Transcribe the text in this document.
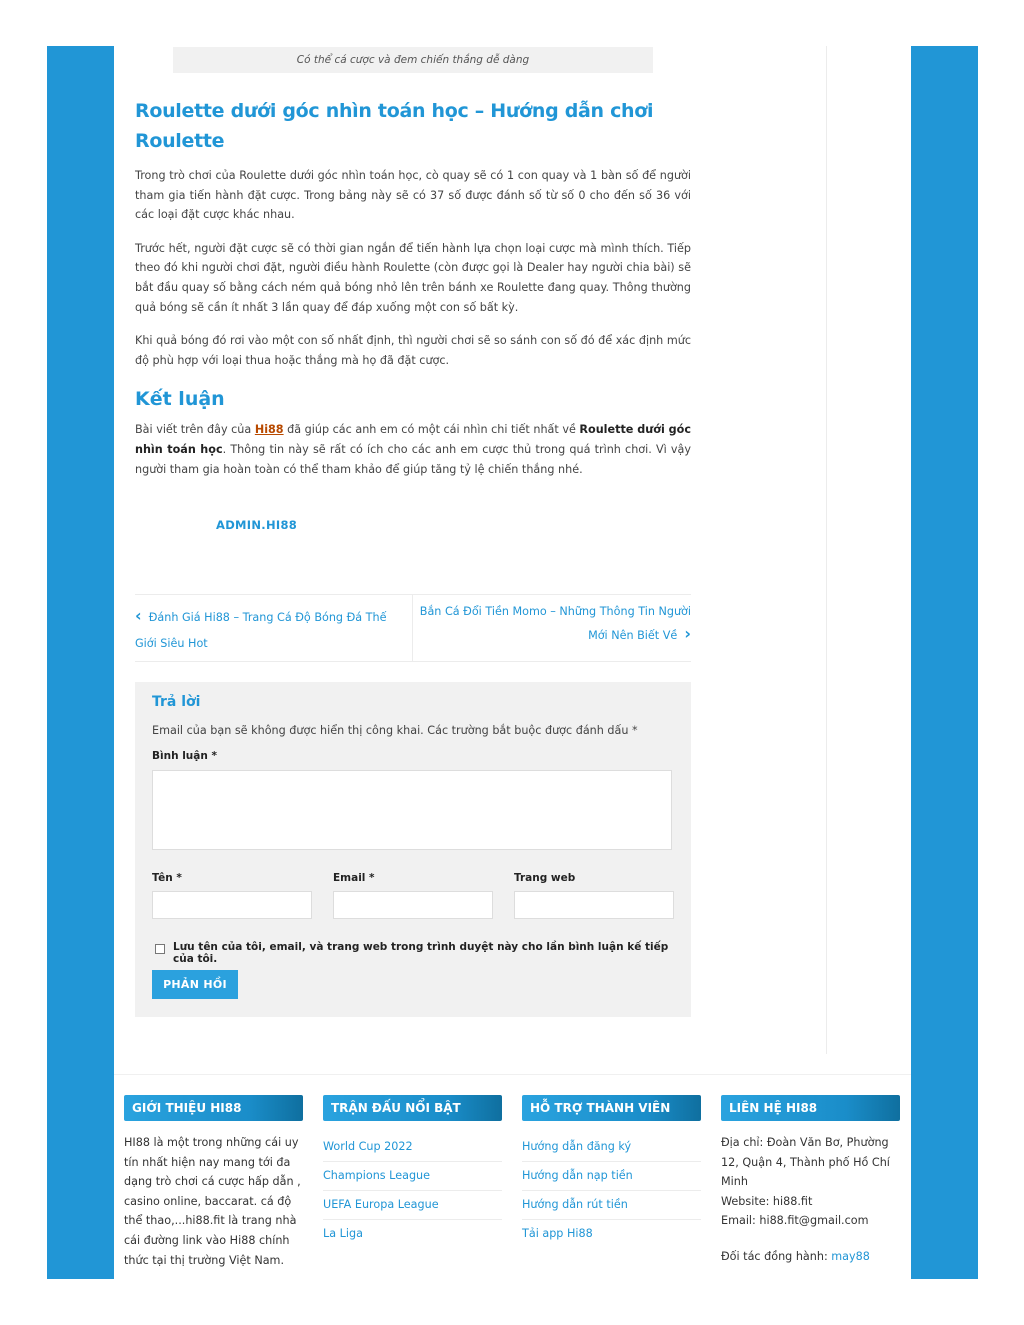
Có thể cá cược và đem chiến thắng dễ dàng
Roulette dưới góc nhìn toán học – Hướng dẫn chơi Roulette

Trong trò chơi của Roulette dưới góc nhìn toán học, cò quay sẽ có 1 con quay và 1 bàn số để người tham gia tiến hành đặt cược. Trong bảng này sẽ có 37 số được đánh số từ số 0 cho đến số 36 với các loại đặt cược khác nhau.

Trước hết, người đặt cược sẽ có thời gian ngắn để tiến hành lựa chọn loại cược mà mình thích. Tiếp theo đó khi người chơi đặt, người điều hành Roulette (còn được gọi là Dealer hay người chia bài) sẽ bắt đầu quay số bằng cách ném quả bóng nhỏ lên trên bánh xe Roulette đang quay. Thông thường quả bóng sẽ cần ít nhất 3 lần quay để đáp xuống một con số bất kỳ.

Khi quả bóng đó rơi vào một con số nhất định, thì người chơi sẽ so sánh con số đó để xác định mức độ phù hợp với loại thua hoặc thắng mà họ đã đặt cược.

Kết luận

Bài viết trên đây của Hi88 đã giúp các anh em có một cái nhìn chi tiết nhất về Roulette dưới góc nhìn toán học. Thông tin này sẽ rất có ích cho các anh em cược thủ trong quá trình chơi. Vì vậy người tham gia hoàn toàn có thể tham khảo để giúp tăng tỷ lệ chiến thắng nhé.

ADMIN.HI88
‹ Đánh Giá Hi88 – Trang Cá Độ Bóng Đá Thế Giới Siêu Hot
Bắn Cá Đổi Tiền Momo – Những Thông Tin Người Mới Nên Biết Về ›
Trả lời
Email của bạn sẽ không được hiển thị công khai. Các trường bắt buộc được đánh dấu *
Bình luận *
Tên *	Email *	Trang web
Lưu tên của tôi, email, và trang web trong trình duyệt này cho lần bình luận kế tiếp của tôi.
PHẢN HỒI
GIỚI THIỆU HI88
HI88 là một trong những cái uy tín nhất hiện nay mang tới đa dạng trò chơi cá cược hấp dẫn , casino online, baccarat. cá độ thể thao,...hi88.fit là trang nhà cái đường link vào Hi88 chính thức tại thị trường Việt Nam.
TRẬN ĐẤU NỔI BẬT
World Cup 2022
Champions League
UEFA Europa League
La Liga
HỖ TRỢ THÀNH VIÊN
Hướng dẫn đăng ký
Hướng dẫn nạp tiền
Hướng dẫn rút tiền
Tải app Hi88
LIÊN HỆ HI88
Địa chỉ: Đoàn Văn Bơ, Phường 12, Quận 4, Thành phố Hồ Chí Minh
Website: hi88.fit
Email: hi88.fit@gmail.com
Đối tác đồng hành: may88
